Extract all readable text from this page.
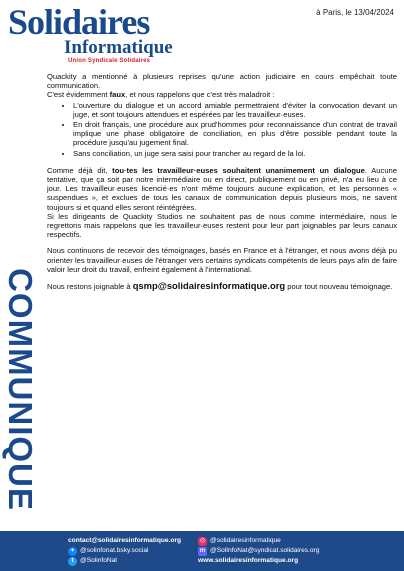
Solidaires
Informatique
Union Syndicale Solidaires
à Paris, le 13/04/2024
COMMUNIQUE

Quackity a mentionné à plusieurs reprises qu'une action judiciaire en cours empêchait toute communication.

C'est évidemment faux, et nous rappelons que c'est très maladroit :

• L'ouverture du dialogue et un accord amiable permettraient d'éviter la convocation devant un juge, et sont toujours attendues et espérées par les travailleur·euses.
• En droit français, une procédure aux prud'hommes pour reconnaissance d'un contrat de travail implique une phase obligatoire de conciliation, en plus d'être possible pendant toute la procédure jusqu'au jugement final.
• Sans conciliation, un juge sera saisi pour trancher au regard de la loi.

Comme déjà dit, tou·tes les travailleur·euses souhaitent unanimement un dialogue. Aucune tentative, que ça soit par notre intermédiaire ou en direct, publiquement ou en privé, n'a eu lieu à ce jour. Les travailleur·euses licencié·es n'ont même toujours aucune explication, et les personnes « suspendues », et exclues de tous les canaux de communication depuis plusieurs mois, ne savent toujours si et quand elles seront réintégrées.

Si les dirigeants de Quackity Studios ne souhaitent pas de nous comme intermédiaire, nous le regrettons mais rappelons que les travailleur·euses restent pour leur part joignables par leurs canaux respectifs.

Nous continuons de recevoir des témoignages, basés en France et à l'étranger, et nous avons déjà pu orienter les travailleur·euses de l'étranger vers certains syndicats compétents de leurs pays afin de faire valoir leur droit du travail, enfreint également à l'international.

Nous restons joignable à qsmp@solidairesinformatique.org pour tout nouveau témoignage.

contact@solidairesinformatique.org
✦ @solinfonat.bsky.social
t @SolinfoNat
◎ @solidairesinformatique
m @SolInfoNat@syndicat.solidaires.org
www.solidairesinformatique.org
